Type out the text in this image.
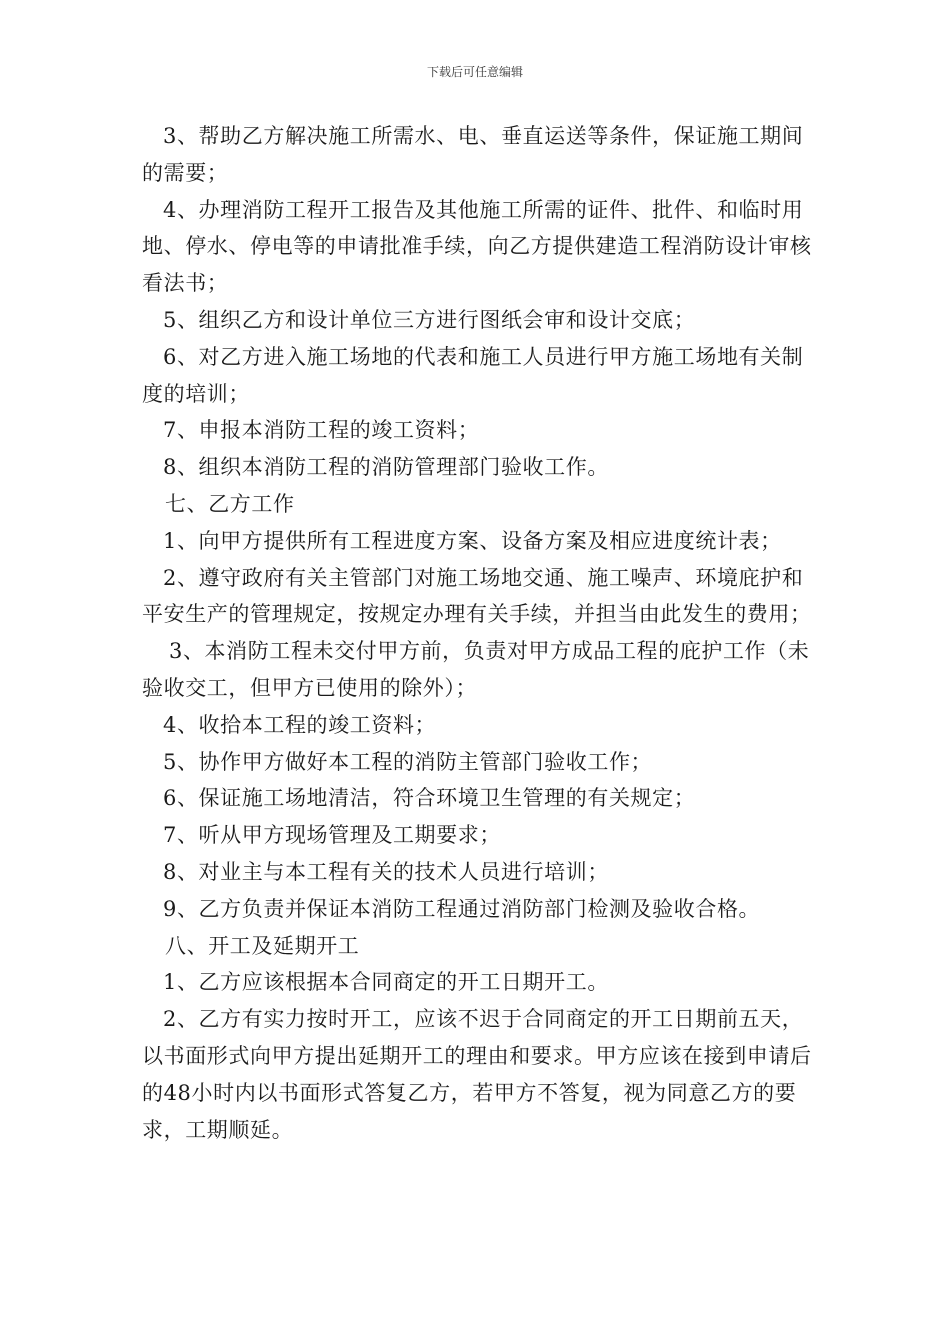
下载后可任意编辑

3、帮助乙方解决施工所需水、电、垂直运送等条件，保证施工期间的需要；

4、办理消防工程开工报告及其他施工所需的证件、批件、和临时用地、停水、停电等的申请批准手续，向乙方提供建造工程消防设计审核看法书；

5、组织乙方和设计单位三方进行图纸会审和设计交底；

6、对乙方进入施工场地的代表和施工人员进行甲方施工场地有关制度的培训；

7、申报本消防工程的竣工资料；

8、组织本消防工程的消防管理部门验收工作。

七、乙方工作

1、向甲方提供所有工程进度方案、设备方案及相应进度统计表；

2、遵守政府有关主管部门对施工场地交通、施工噪声、环境庇护和平安生产的管理规定，按规定办理有关手续，并担当由此发生的费用；

3、本消防工程未交付甲方前，负责对甲方成品工程的庇护工作（未验收交工，但甲方已使用的除外）；

4、收拾本工程的竣工资料；

5、协作甲方做好本工程的消防主管部门验收工作；

6、保证施工场地清洁，符合环境卫生管理的有关规定；

7、听从甲方现场管理及工期要求；

8、对业主与本工程有关的技术人员进行培训；

9、乙方负责并保证本消防工程通过消防部门检测及验收合格。

八、开工及延期开工

1、乙方应该根据本合同商定的开工日期开工。

2、乙方有实力按时开工，应该不迟于合同商定的开工日期前五天，以书面形式向甲方提出延期开工的理由和要求。甲方应该在接到申请后的48小时内以书面形式答复乙方，若甲方不答复，视为同意乙方的要求，工期顺延。
